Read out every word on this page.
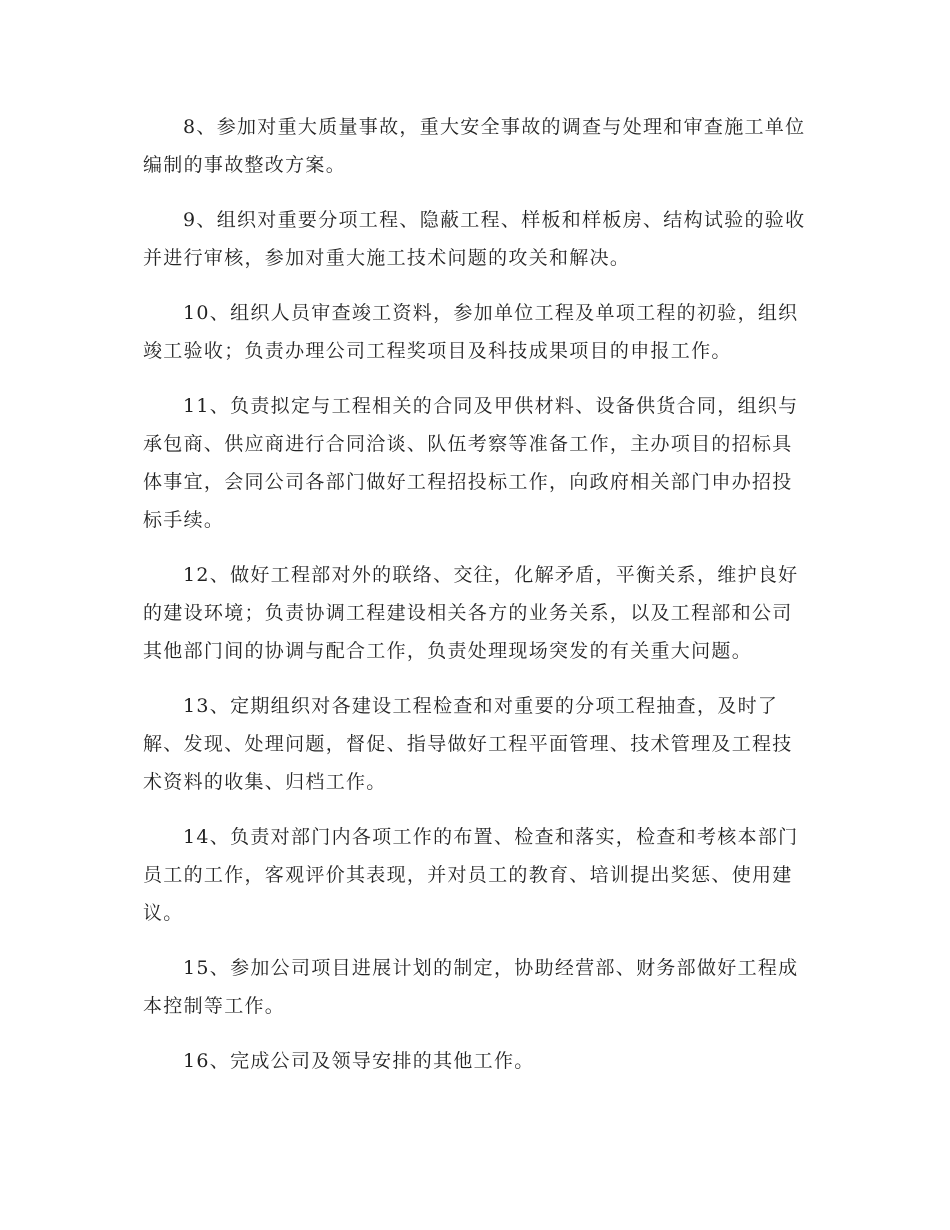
8、参加对重大质量事故，重大安全事故的调查与处理和审查施工单位编制的事故整改方案。

9、组织对重要分项工程、隐蔽工程、样板和样板房、结构试验的验收并进行审核，参加对重大施工技术问题的攻关和解决。

10、组织人员审查竣工资料，参加单位工程及单项工程的初验，组织竣工验收；负责办理公司工程奖项目及科技成果项目的申报工作。

11、负责拟定与工程相关的合同及甲供材料、设备供货合同，组织与承包商、供应商进行合同洽谈、队伍考察等准备工作，主办项目的招标具体事宜，会同公司各部门做好工程招投标工作，向政府相关部门申办招投标手续。

12、做好工程部对外的联络、交往，化解矛盾，平衡关系，维护良好的建设环境；负责协调工程建设相关各方的业务关系，以及工程部和公司其他部门间的协调与配合工作，负责处理现场突发的有关重大问题。

13、定期组织对各建设工程检查和对重要的分项工程抽查，及时了解、发现、处理问题，督促、指导做好工程平面管理、技术管理及工程技术资料的收集、归档工作。

14、负责对部门内各项工作的布置、检查和落实，检查和考核本部门员工的工作，客观评价其表现，并对员工的教育、培训提出奖惩、使用建议。

15、参加公司项目进展计划的制定，协助经营部、财务部做好工程成本控制等工作。

16、完成公司及领导安排的其他工作。
